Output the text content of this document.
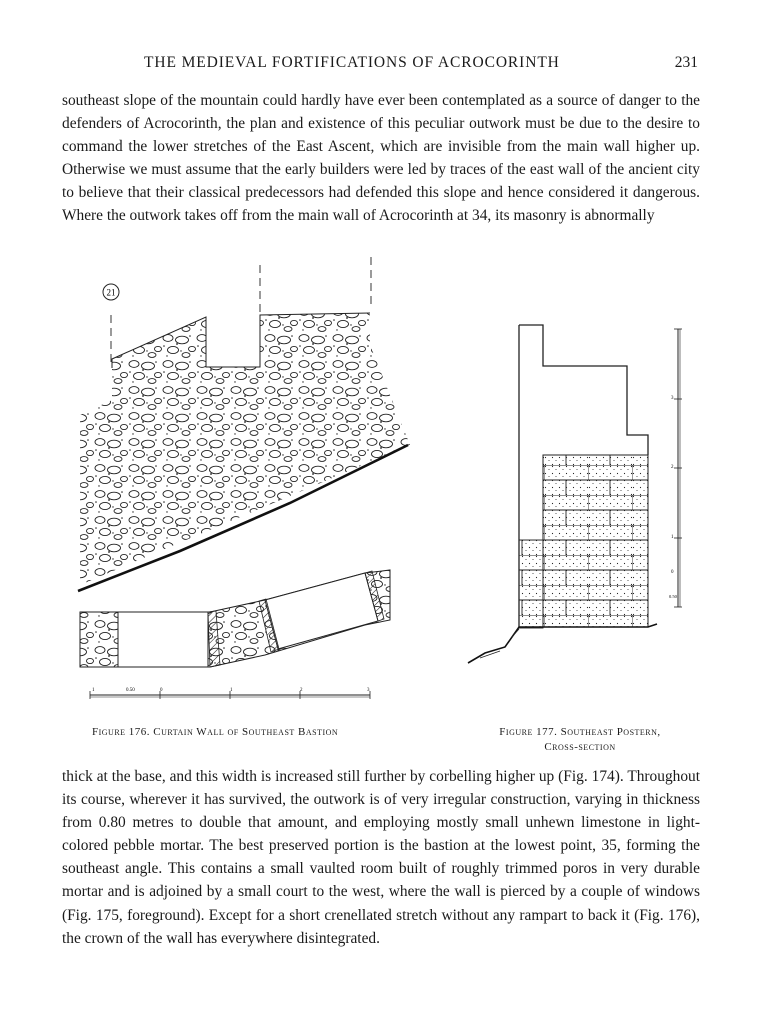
THE MEDIEVAL FORTIFICATIONS OF ACROCORINTH	231

southeast slope of the mountain could hardly have ever been contemplated as a source of danger to the defenders of Acrocorinth, the plan and existence of this peculiar outwork must be due to the desire to command the lower stretches of the East Ascent, which are invisible from the main wall higher up. Otherwise we must assume that the early builders were led by traces of the east wall of the ancient city to believe that their classical predecessors had defended this slope and hence considered it dangerous. Where the outwork takes off from the main wall of Acrocorinth at 34, its masonry is abnormally

21
1	0.50	0	1	2	3
3
2
1
0
0.50
Figure 176. Curtain Wall of Southeast Bastion	Figure 177. Southeast Postern,
Cross-section

thick at the base, and this width is increased still further by corbelling higher up (Fig. 174). Throughout its course, wherever it has survived, the outwork is of very irregular construction, varying in thickness from 0.80 metres to double that amount, and employing mostly small unhewn limestone in light-colored pebble mortar. The best preserved portion is the bastion at the lowest point, 35, forming the southeast angle. This contains a small vaulted room built of roughly trimmed poros in very durable mortar and is adjoined by a small court to the west, where the wall is pierced by a couple of windows (Fig. 175, foreground). Except for a short crenellated stretch without any rampart to back it (Fig. 176), the crown of the wall has everywhere disintegrated.
